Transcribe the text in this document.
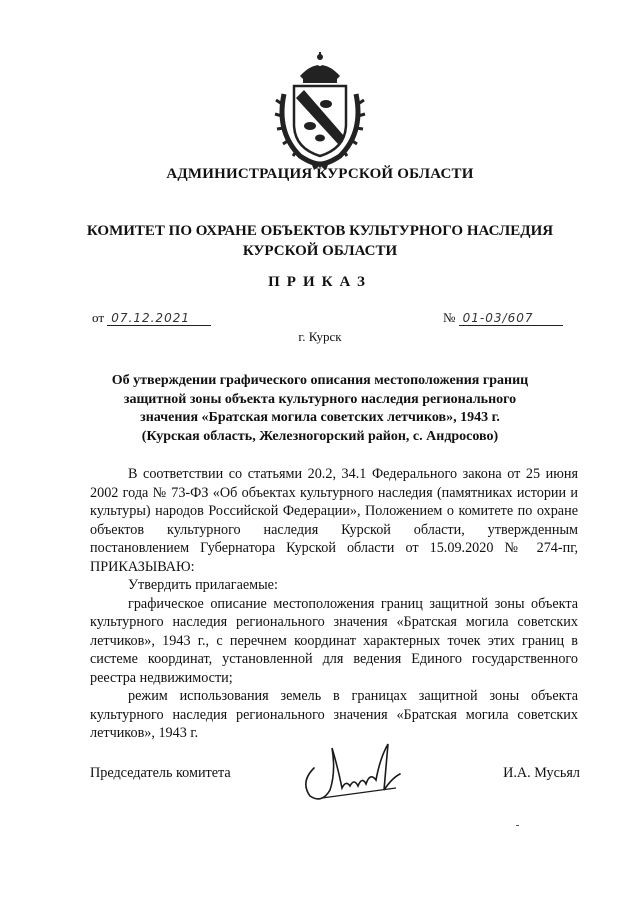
АДМИНИСТРАЦИЯ КУРСКОЙ ОБЛАСТИ
КОМИТЕТ ПО ОХРАНЕ ОБЪЕКТОВ КУЛЬТУРНОГО НАСЛЕДИЯ
КУРСКОЙ ОБЛАСТИ
ПРИКАЗ
от 07.12.2021	№ 01-03/607
г. Курск
Об утверждении графического описания местоположения границ
защитной зоны объекта культурного наследия регионального
значения «Братская могила советских летчиков», 1943 г.
(Курская область, Железногорский район, с. Андросово)

В соответствии со статьями 20.2, 34.1 Федерального закона от 25 июня 2002 года № 73-ФЗ «Об объектах культурного наследия (памятниках истории и культуры) народов Российской Федерации», Положением о комитете по охране объектов культурного наследия Курской области, утвержденным постановлением Губернатора Курской области от 15.09.2020 № 274-пг, ПРИКАЗЫВАЮ:

Утвердить прилагаемые:

графическое описание местоположения границ защитной зоны объекта культурного наследия регионального значения «Братская могила советских летчиков», 1943 г., с перечнем координат характерных точек этих границ в системе координат, установленной для ведения Единого государственного реестра недвижимости;

режим использования земель в границах защитной зоны объекта культурного наследия регионального значения «Братская могила советских летчиков», 1943 г.

Председатель комитета	И.А. Мусьял
